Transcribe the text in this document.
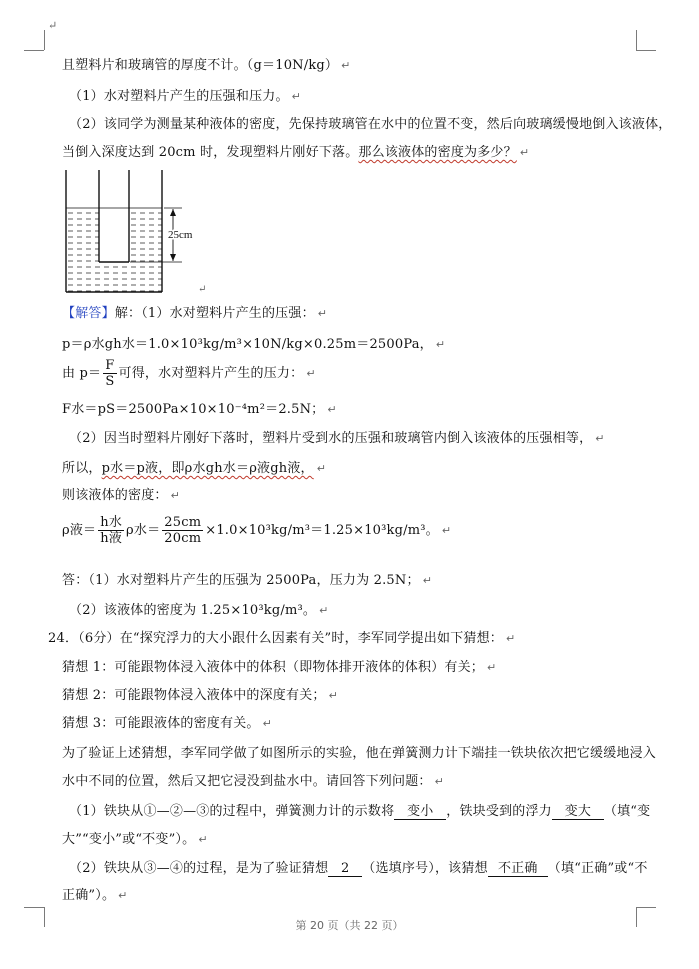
↵
且塑料片和玻璃管的厚度不计。（g＝10N/kg） ↵
（1）水对塑料片产生的压强和压力。 ↵
（2）该同学为测量某种液体的密度，先保持玻璃管在水中的位置不变，然后向玻璃缓慢地倒入该液体，
当倒入深度达到 20cm 时，发现塑料片刚好下落。那么该液体的密度为多少？ ↵
25cm
↵
【解答】解：（1）水对塑料片产生的压强： ↵
p＝ρ水gh水＝1.0×10³kg/m³×10N/kg×0.25m＝2500Pa， ↵
由 $p= \frac{F}{S}$ 可得，水对塑料片产生的压力： ↵
F水＝pS＝2500Pa×10×10⁻⁴m²＝2.5N； ↵
（2）因当时塑料片刚好下落时，塑料片受到水的压强和玻璃管内倒入该液体的压强相等， ↵
所以，p水＝p液，即ρ水gh水＝ρ液gh液， ↵
则该液体的密度： ↵
ρ液＝ $\frac{\text{h水}}{\text{h液}}$ ρ水＝ $\frac{25cm}{20cm} \times 1.0\times 10^3kg/m^3=1.25\times 10^3kg/m^3$。 ↵
答：（1）水对塑料片产生的压强为 2500Pa，压力为 2.5N； ↵
（2）该液体的密度为 1.25×10³kg/m³。 ↵
24．（6分）在“探究浮力的大小跟什么因素有关”时，李军同学提出如下猜想： ↵
猜想 1：可能跟物体浸入液体中的体积（即物体排开液体的体积）有关； ↵
猜想 2：可能跟物体浸入液体中的深度有关； ↵
猜想 3：可能跟液体的密度有关。 ↵
为了验证上述猜想，李军同学做了如图所示的实验，他在弹簧测力计下端挂一铁块依次把它缓缓地浸入
水中不同的位置，然后又把它浸没到盐水中。请回答下列问题： ↵
（1）铁块从①—②—③的过程中，弹簧测力计的示数将 变小 ，铁块受到的浮力 变大 （填“变
大”“变小”或“不变”）。 ↵
（2）铁块从③—④的过程，是为了验证猜想 2 （选填序号），该猜想 不正确 （填“正确”或“不
正确”）。 ↵
第 20 页（共 22 页）
